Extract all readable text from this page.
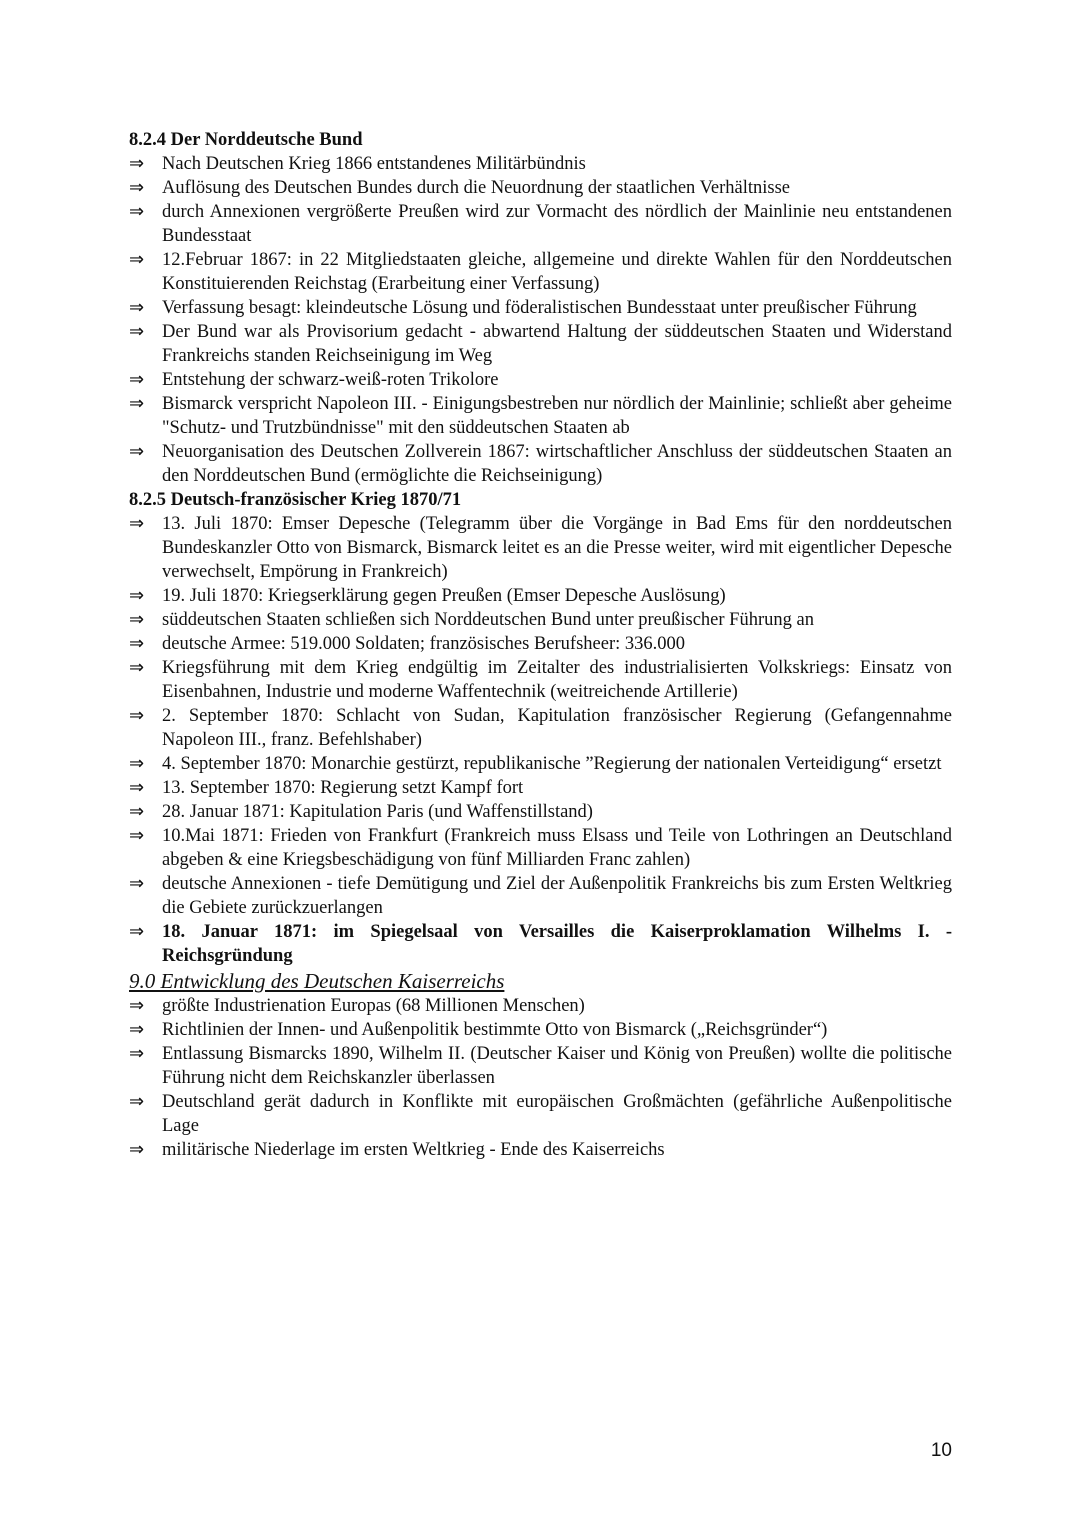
8.2.4 Der Norddeutsche Bund
⇒ Nach Deutschen Krieg 1866 entstandenes Militärbündnis
⇒ Auflösung des Deutschen Bundes durch die Neuordnung der staatlichen Verhältnisse
⇒ durch Annexionen vergrößerte Preußen wird zur Vormacht des nördlich der Mainlinie neu entstandenen Bundesstaat
⇒ 12.Februar 1867: in 22 Mitgliedstaaten gleiche, allgemeine und direkte Wahlen für den Norddeutschen Konstituierenden Reichstag (Erarbeitung einer Verfassung)
⇒ Verfassung besagt: kleindeutsche Lösung und föderalistischen Bundesstaat unter preußischer Führung
⇒ Der Bund war als Provisorium gedacht - abwartend Haltung der süddeutschen Staaten und Widerstand Frankreichs standen Reichseinigung im Weg
⇒ Entstehung der schwarz-weiß-roten Trikolore
⇒ Bismarck verspricht Napoleon III. - Einigungsbestreben nur nördlich der Mainlinie; schließt aber geheime "Schutz- und Trutzbündnisse" mit den süddeutschen Staaten ab
⇒ Neuorganisation des Deutschen Zollverein 1867: wirtschaftlicher Anschluss der süddeutschen Staaten an den Norddeutschen Bund (ermöglichte die Reichseinigung)
8.2.5 Deutsch-französischer Krieg 1870/71
⇒ 13. Juli 1870: Emser Depesche (Telegramm über die Vorgänge in Bad Ems für den norddeutschen Bundeskanzler Otto von Bismarck, Bismarck leitet es an die Presse weiter, wird mit eigentlicher Depesche verwechselt, Empörung in Frankreich)
⇒ 19. Juli 1870: Kriegserklärung gegen Preußen (Emser Depesche Auslösung)
⇒ süddeutschen Staaten schließen sich Norddeutschen Bund unter preußischer Führung an
⇒ deutsche Armee: 519.000 Soldaten; französisches Berufsheer: 336.000
⇒ Kriegsführung mit dem Krieg endgültig im Zeitalter des industrialisierten Volkskriegs: Einsatz von Eisenbahnen, Industrie und moderne Waffentechnik (weitreichende Artillerie)
⇒ 2. September 1870: Schlacht von Sudan, Kapitulation französischer Regierung (Gefangennahme Napoleon III., franz. Befehlshaber)
⇒ 4. September 1870: Monarchie gestürzt, republikanische ”Regierung der nationalen Verteidigung“ ersetzt
⇒ 13. September 1870: Regierung setzt Kampf fort
⇒ 28. Januar 1871: Kapitulation Paris (und Waffenstillstand)
⇒ 10.Mai 1871: Frieden von Frankfurt (Frankreich muss Elsass und Teile von Lothringen an Deutschland abgeben & eine Kriegsbeschädigung von fünf Milliarden Franc zahlen)
⇒ deutsche Annexionen - tiefe Demütigung und Ziel der Außenpolitik Frankreichs bis zum Ersten Weltkrieg die Gebiete zurückzuerlangen
⇒ 18. Januar 1871: im Spiegelsaal von Versailles die Kaiserproklamation Wilhelms I. - Reichsgründung
9.0 Entwicklung des Deutschen Kaiserreichs
⇒ größte Industrienation Europas (68 Millionen Menschen)
⇒ Richtlinien der Innen- und Außenpolitik bestimmte Otto von Bismarck („Reichsgründer“)
⇒ Entlassung Bismarcks 1890, Wilhelm II. (Deutscher Kaiser und König von Preußen) wollte die politische Führung nicht dem Reichskanzler überlassen
⇒ Deutschland gerät dadurch in Konflikte mit europäischen Großmächten (gefährliche Außenpolitische Lage
⇒ militärische Niederlage im ersten Weltkrieg - Ende des Kaiserreichs
10
